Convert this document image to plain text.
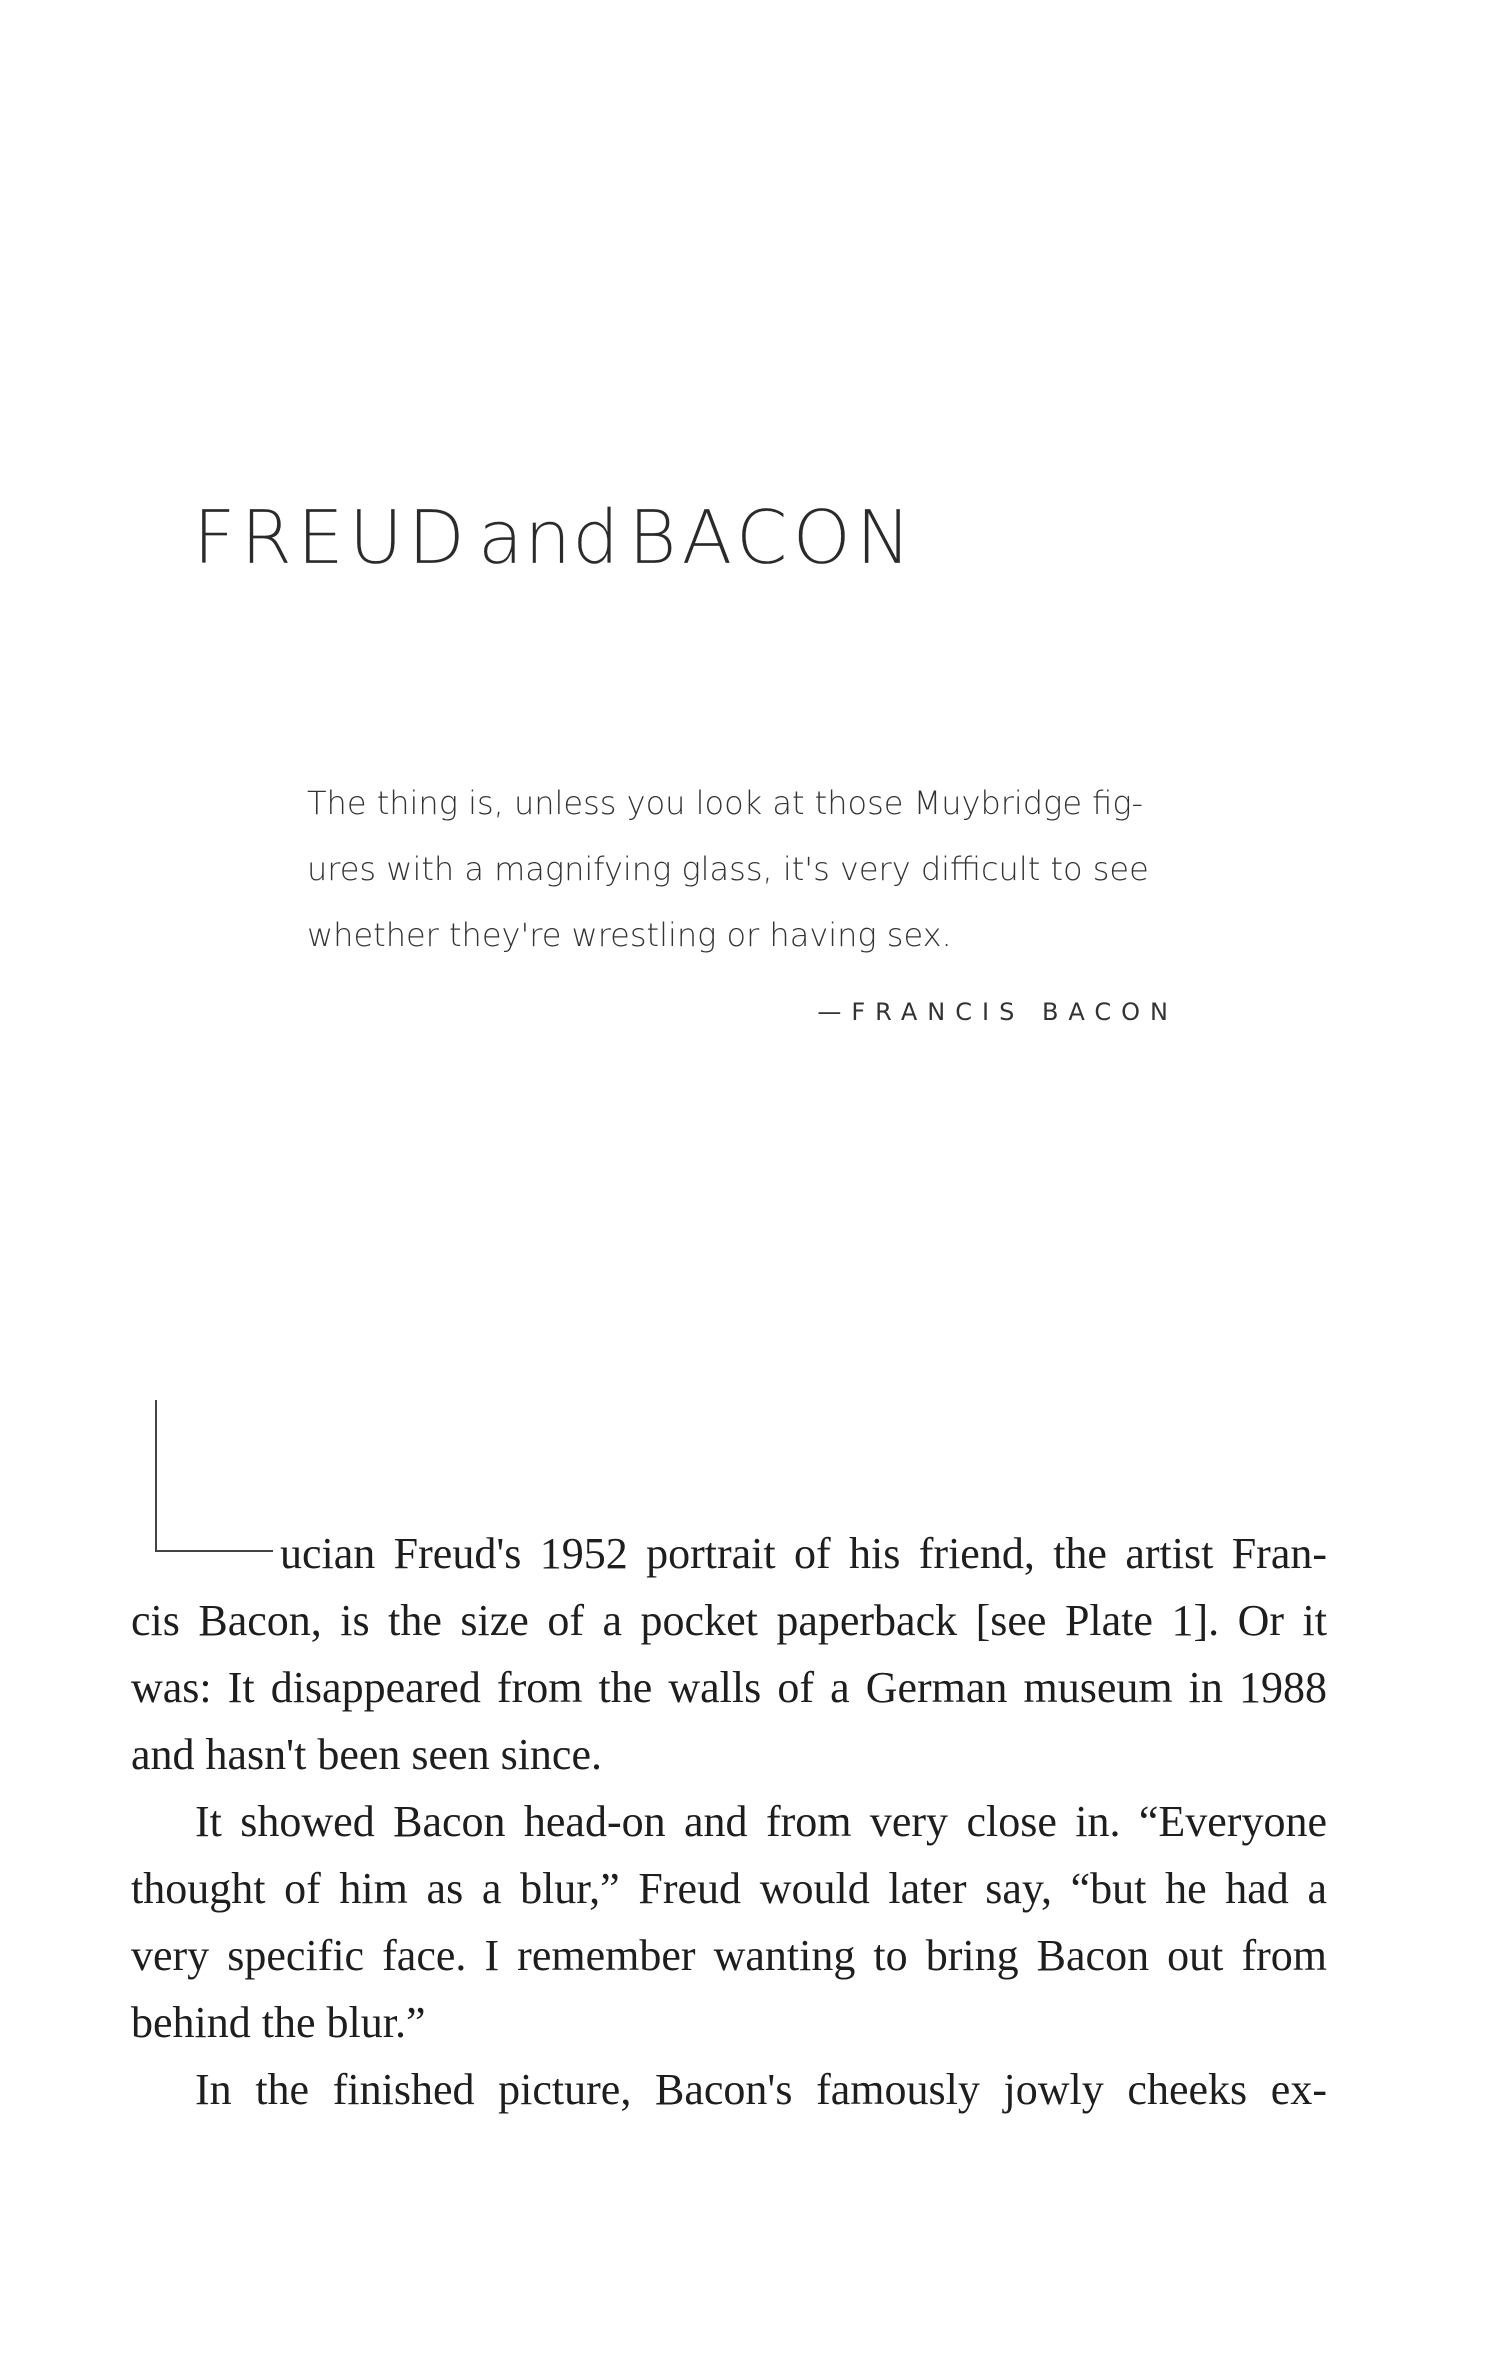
FREUD and BACON
The thing is, unless you look at those Muybridge fig-
ures with a magnifying glass, it's very difficult to see
whether they're wrestling or having sex.
—FRANCIS BACON
ucian Freud's 1952 portrait of his friend, the artist Fran-
cis Bacon, is the size of a pocket paperback [see Plate 1]. Or it
was: It disappeared from the walls of a German museum in 1988
and hasn't been seen since.
It showed Bacon head-on and from very close in. “Everyone
thought of him as a blur,” Freud would later say, “but he had a
very specific face. I remember wanting to bring Bacon out from
behind the blur.”
In the finished picture, Bacon's famously jowly cheeks ex-
